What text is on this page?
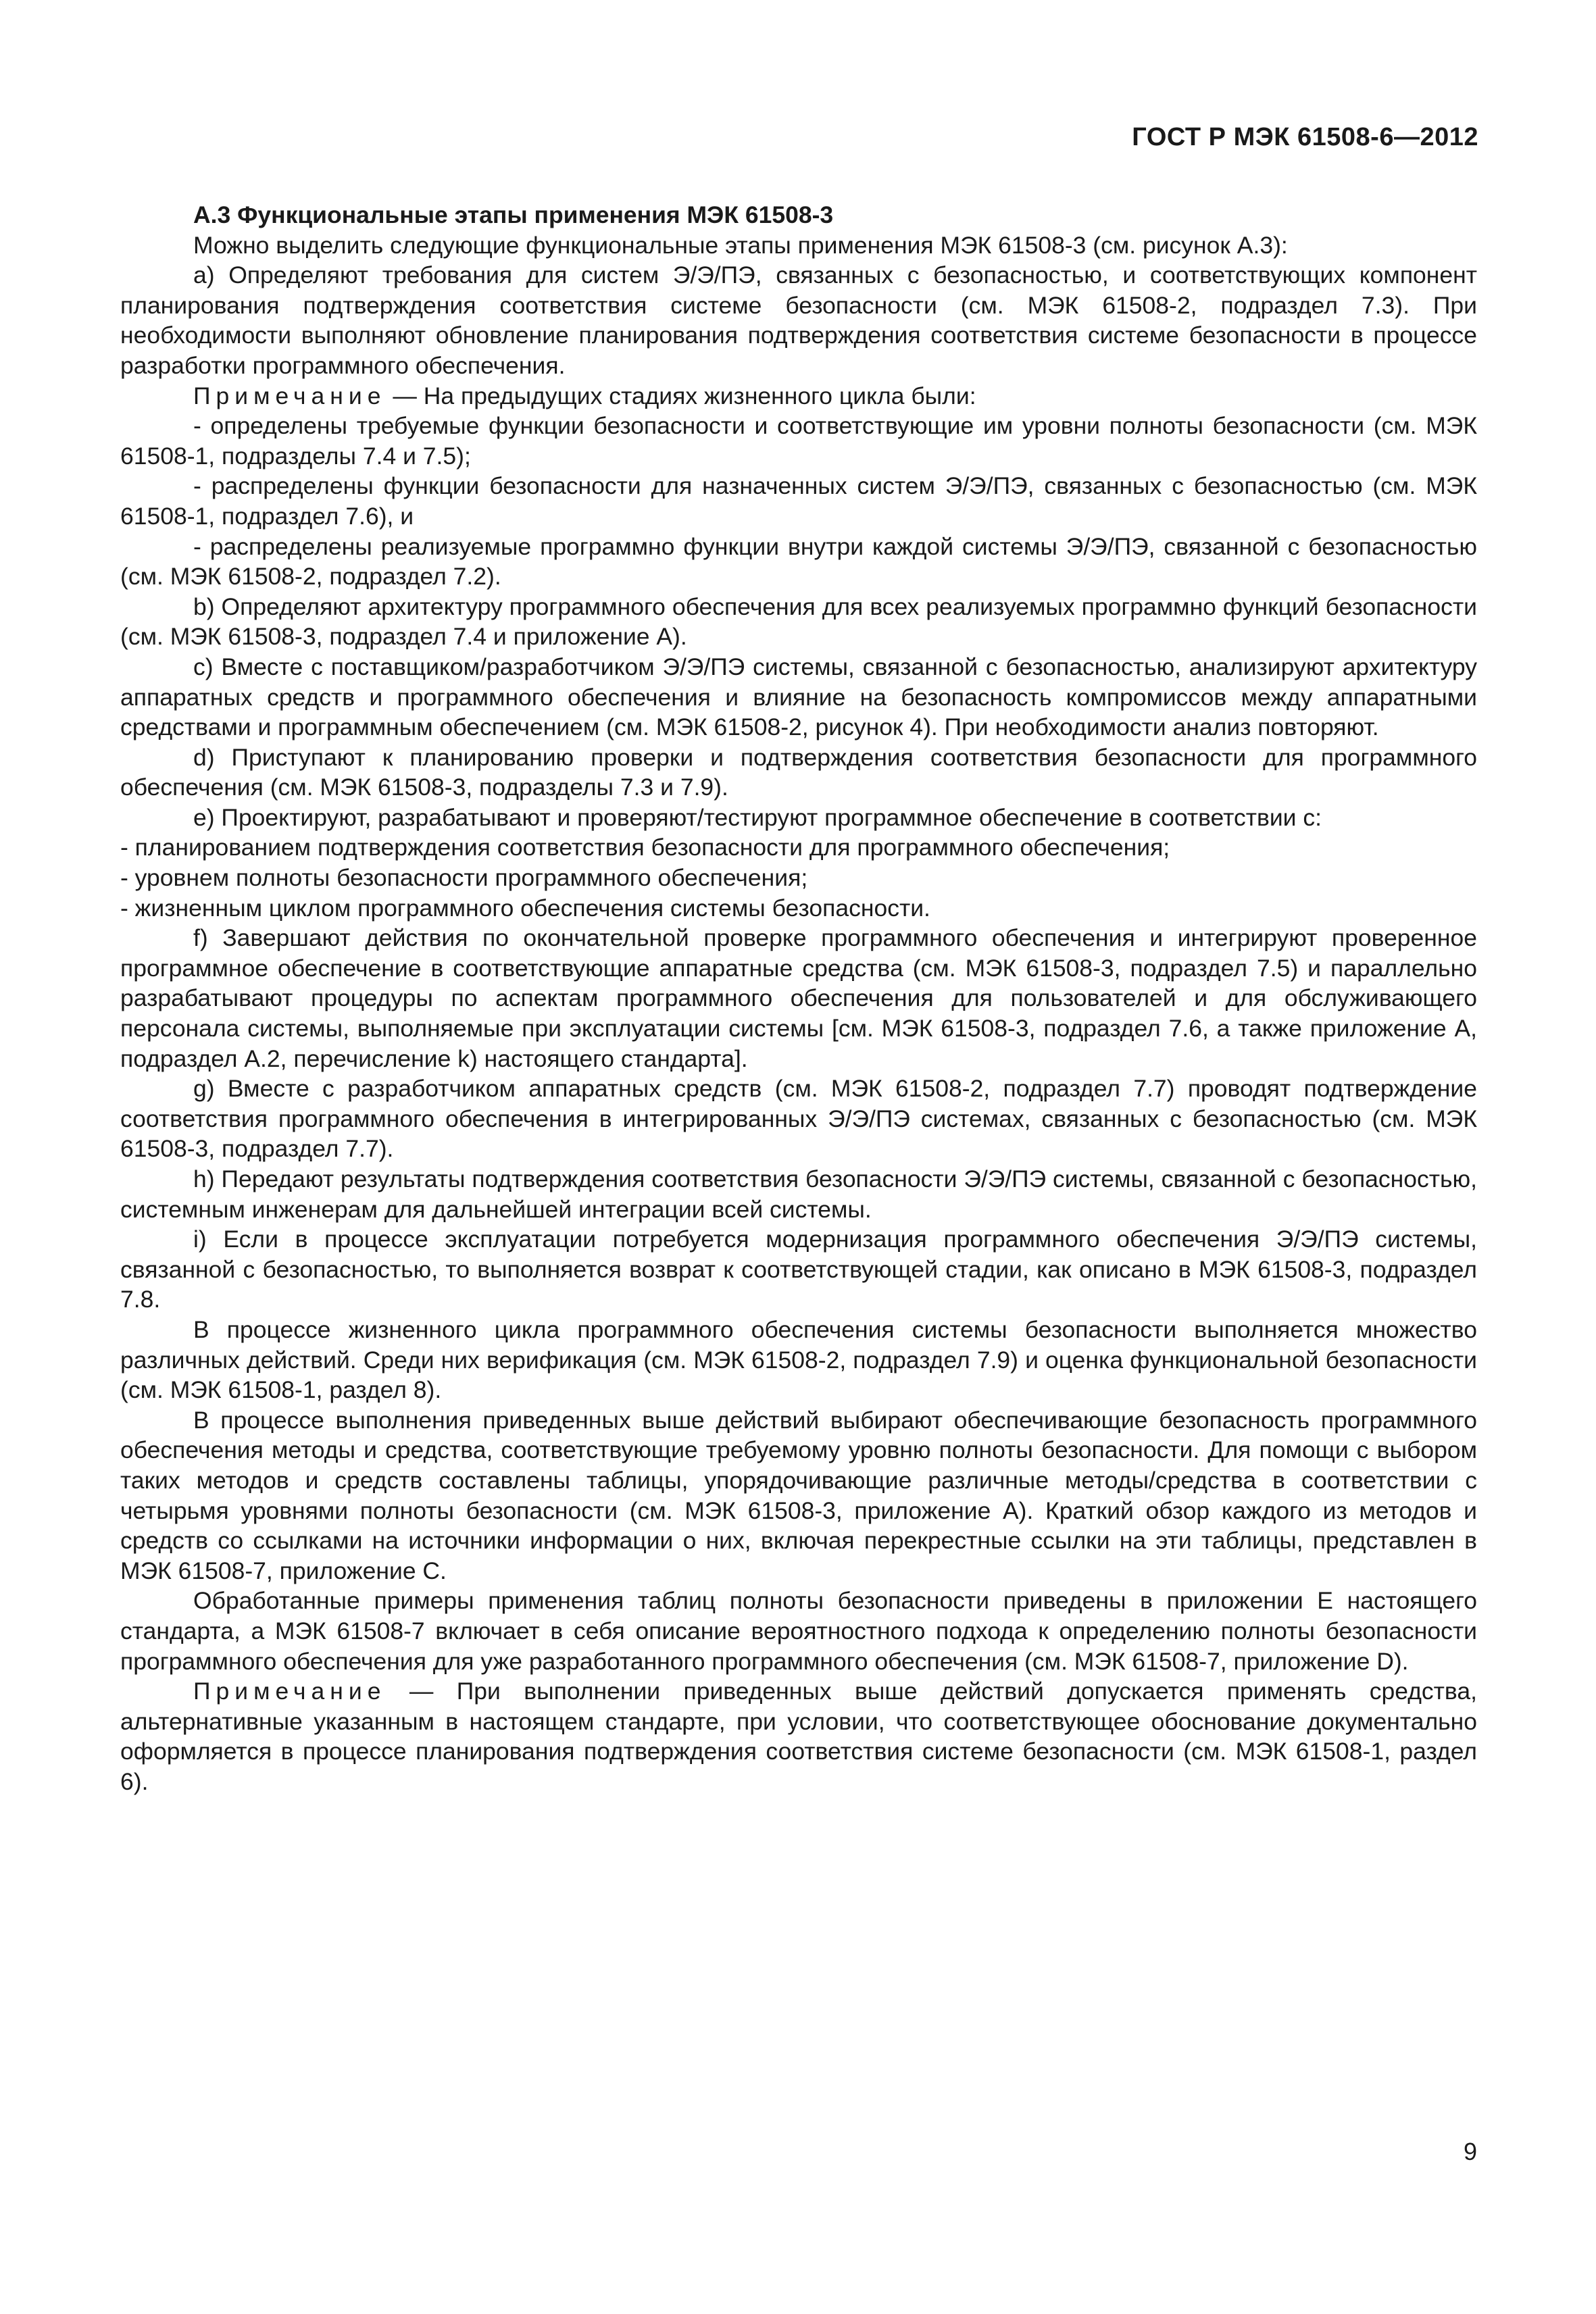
ГОСТ Р МЭК 61508-6—2012

А.3 Функциональные этапы применения МЭК 61508-3

Можно выделить следующие функциональные этапы применения МЭК 61508-3 (см. рисунок А.3):

a) Определяют требования для систем Э/Э/ПЭ, связанных с безопасностью, и соответствующих компонент планирования подтверждения соответствия системе безопасности (см. МЭК 61508-2, подраздел 7.3). При необходимости выполняют обновление планирования подтверждения соответствия системе безопасности в процессе разработки программного обеспечения.

Примечание — На предыдущих стадиях жизненного цикла были:

- определены требуемые функции безопасности и соответствующие им уровни полноты безопасности (см. МЭК 61508-1, подразделы 7.4 и 7.5);

- распределены функции безопасности для назначенных систем Э/Э/ПЭ, связанных с безопасностью (см. МЭК 61508-1, подраздел 7.6), и

- распределены реализуемые программно функции внутри каждой системы Э/Э/ПЭ, связанной с безопасностью (см. МЭК 61508-2, подраздел 7.2).

b) Определяют архитектуру программного обеспечения для всех реализуемых программно функций безопасности (см. МЭК 61508-3, подраздел 7.4 и приложение А).

c) Вместе с поставщиком/разработчиком Э/Э/ПЭ системы, связанной с безопасностью, анализируют архитектуру аппаратных средств и программного обеспечения и влияние на безопасность компромиссов между аппаратными средствами и программным обеспечением (см. МЭК 61508-2, рисунок 4). При необходимости анализ повторяют.

d) Приступают к планированию проверки и подтверждения соответствия безопасности для программного обеспечения (см. МЭК 61508-3, подразделы 7.3 и 7.9).

e) Проектируют, разрабатывают и проверяют/тестируют программное обеспечение в соответствии с:

- планированием подтверждения соответствия безопасности для программного обеспечения;

- уровнем полноты безопасности программного обеспечения;

- жизненным циклом программного обеспечения системы безопасности.

f) Завершают действия по окончательной проверке программного обеспечения и интегрируют проверенное программное обеспечение в соответствующие аппаратные средства (см. МЭК 61508-3, подраздел 7.5) и параллельно разрабатывают процедуры по аспектам программного обеспечения для пользователей и для обслуживающего персонала системы, выполняемые при эксплуатации системы [см. МЭК 61508-3, подраздел 7.6, а также приложение А, подраздел А.2, перечисление k) настоящего стандарта].

g) Вместе с разработчиком аппаратных средств (см. МЭК 61508-2, подраздел 7.7) проводят подтверждение соответствия программного обеспечения в интегрированных Э/Э/ПЭ системах, связанных с безопасностью (см. МЭК 61508-3, подраздел 7.7).

h) Передают результаты подтверждения соответствия безопасности Э/Э/ПЭ системы, связанной с безопасностью, системным инженерам для дальнейшей интеграции всей системы.

i) Если в процессе эксплуатации потребуется модернизация программного обеспечения Э/Э/ПЭ системы, связанной с безопасностью, то выполняется возврат к соответствующей стадии, как описано в МЭК 61508-3, подраздел 7.8.

В процессе жизненного цикла программного обеспечения системы безопасности выполняется множество различных действий. Среди них верификация (см. МЭК 61508-2, подраздел 7.9) и оценка функциональной безопасности (см. МЭК 61508-1, раздел 8).

В процессе выполнения приведенных выше действий выбирают обеспечивающие безопасность программного обеспечения методы и средства, соответствующие требуемому уровню полноты безопасности. Для помощи с выбором таких методов и средств составлены таблицы, упорядочивающие различные методы/средства в соответствии с четырьмя уровнями полноты безопасности (см. МЭК 61508-3, приложение А). Краткий обзор каждого из методов и средств со ссылками на источники информации о них, включая перекрестные ссылки на эти таблицы, представлен в МЭК 61508-7, приложение С.

Обработанные примеры применения таблиц полноты безопасности приведены в приложении Е настоящего стандарта, а МЭК 61508-7 включает в себя описание вероятностного подхода к определению полноты безопасности программного обеспечения для уже разработанного программного обеспечения (см. МЭК 61508-7, приложение D).

Примечание — При выполнении приведенных выше действий допускается применять средства, альтернативные указанным в настоящем стандарте, при условии, что соответствующее обоснование документально оформляется в процессе планирования подтверждения соответствия системе безопасности (см. МЭК 61508-1, раздел 6).

9
